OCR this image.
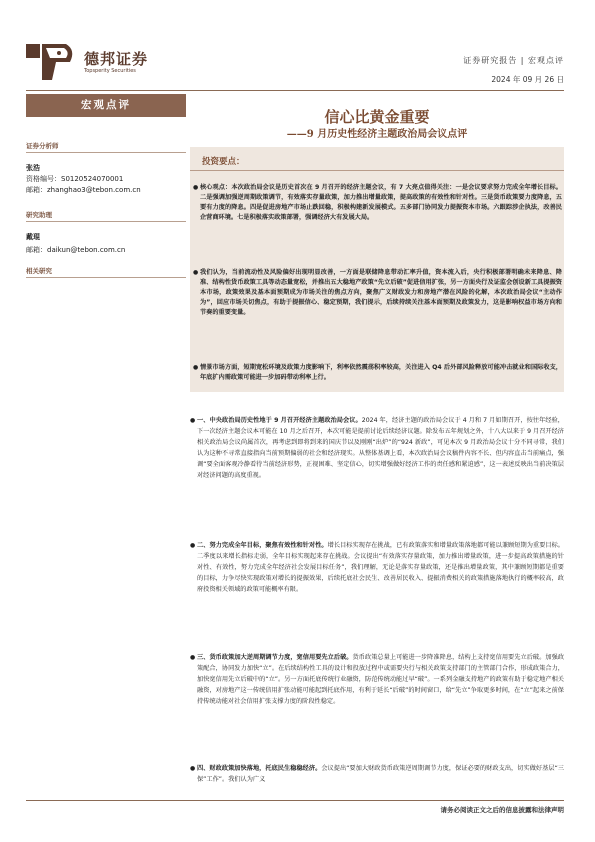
德邦证券
Topsperity Securities
证券研究报告 | 宏观点评
2024 年 09 月 26 日
宏观点评
证券分析师
张浩
资格编号：S0120524070001
邮箱：zhanghao3@tebon.com.cn
研究助理
戴琨
邮箱：daikun@tebon.com.cn
相关研究
信心比黄金重要
——9 月历史性经济主题政治局会议点评
投资要点：
● 核心观点：本次政治局会议是历史首次在 9 月召开的经济主题会议，有 7 大亮点值得关注：一是会议要求努力完成全年增长目标。二是强调加强逆周期政策调节，有效落实存量政策，加力推出增量政策，提高政策的有效性和针对性。三是货币政策要力度降息，五要有力度的降息。四是促进房地产市场止跌回稳，积极构建新发展模式。五多部门协同发力提振资本市场。六跟踪涉企执法，改善民企营商环境。七是积极落实政策部署，强调经济大有发展大局。
● 我们认为，当前流动性及风险偏好出现明显改善，一方面是联储降息带动汇率升值，资本流入后，央行积极部署明确未来降息、降准、结构性货币政策工具等动态量宽松，并推出五大稳地产政策“先立后破”促进信用扩张，另一方面央行及证监会创设新工具提振资本市场，政策效果及基本面预期成为市场关注的焦点方向，聚焦广义财政发力和房地产潜在风险的化解，本次政治局会议“主动作为”，回应市场关切焦点，有助于提振信心、稳定预期，我们提示，后续持续关注基本面预期及政策发力，这是影响权益市场方向和节奏的重要变量。
● 情景市场方面，短期宽松环境及政策力度影响下，利率依然震荡积率较高，关注进入 Q4 后外部风险释放可能冲击就业和国际收支，年底扩内需政策可能进一步加码带动利率上行。
● 一、中央政治局历史性地于 9 月召开经济主题政治局会议。2024 年，经济主题的政治局会议于 4 月和 7 月如期召开，按往年经验，下一次经济主题会议本可能在 10 月之后召开，本次可能是提前讨论后续经济议题。除发布五年规划之外，十八大以来于 9 月召开经济相关政治局会议尚属首次，再考虑到即将到来的国庆节以及刚刚“出炉”的“924 新政”，可见本次 9 月政治局会议十分不同寻常，我们认为这种不寻常直接指向当前预期偏弱的社会和经济现实。从整体基调上看，本次政治局会议稿件内容不长、但内容直击当前痛点，强调“要全面客观冷静看待当前经济形势，正视困难、坚定信心，切实增强做好经济工作的责任感和紧迫感”，这一表述反映出当前决策层对经济问题的高度重视。
● 二、努力完成全年目标，聚焦有效性和针对性。增长目标实现存在挑战，已有政策落实和增量政策落地都可能以兼顾短期为重要目标。二季度以来增长指标走弱，全年目标实现起来存在挑战。会议提出“有效落实存量政策，加力推出增量政策，进一步提高政策措施的针对性、有效性，努力完成全年经济社会发展目标任务”，我们理解，无论是落实存量政策，还是推出增量政策，其中兼顾短期都是重要的目标，力争尽快实现政策对增长的提振效果，后续托底社会民生、改善居民收入、提振消费相关的政策措施落地执行的概率较高，政府投资相关领域的政策可能概率有限。
● 三、货币政策加大逆周期调节力度，宽信用要先立后破。货币政策总量上可能进一步降准降息，结构上支持宽信用要先立后破。加强政策配合，协同发力加快“立”。在后续结构性工具的设计和投放过程中或需要央行与相关政策支持部门的主管部门合作，形成政策合力，加快宽信用先立后破中的“立”。另一方面托底传统行业融资，防范传统动能过早“破”。一系列金融支持地产的政策有助于稳定地产相关融资，对房地产这一传统信用扩张动能可能起到托底作用，有利于延长“后破”的时间窗口，给“先立”争取更多时间，在“立”起来之前保持传统动能对社会信用扩张支撑力度的阶段性稳定。
● 四、财政政策加快落地，托底民生稳稳经济。会议提出“要加大财政货币政策逆周期调节力度，保证必要的财政支出，切实做好基层“三保”工作”。我们认为广义
请务必阅读正文之后的信息披露和法律声明
